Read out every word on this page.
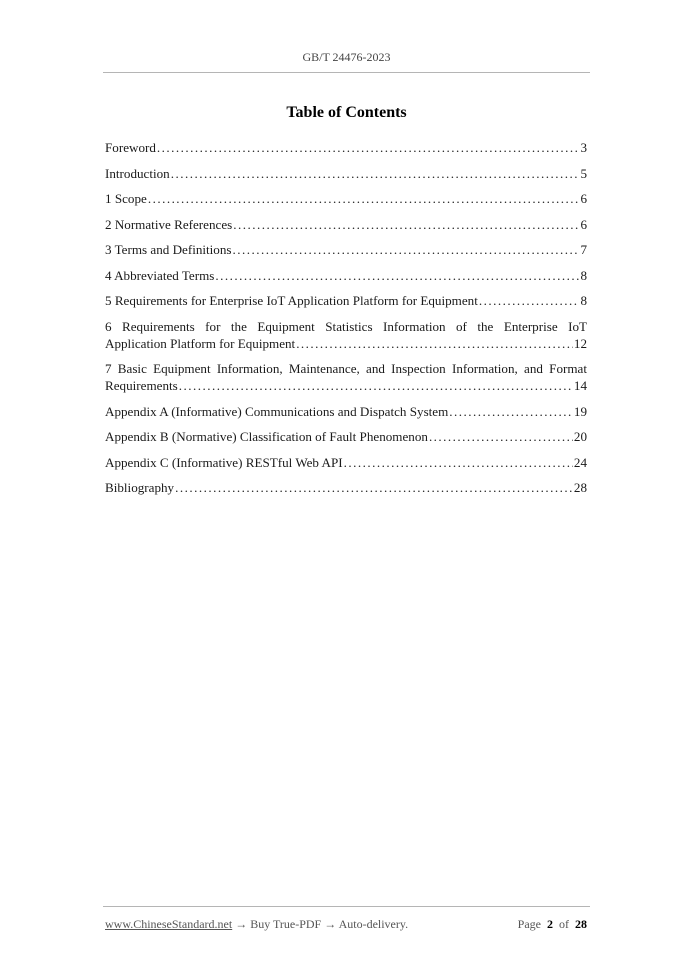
GB/T 24476-2023
Table of Contents
Foreword . . .	3
Introduction . . .	5
1 Scope . . .	6
2 Normative References . . .	6
3 Terms and Definitions . . .	7
4 Abbreviated Terms . . .	8
5 Requirements for Enterprise IoT Application Platform for Equipment . . .	8
6 Requirements for the Equipment Statistics Information of the Enterprise IoT
Application Platform for Equipment . . .	12
7 Basic Equipment Information, Maintenance, and Inspection Information, and Format
Requirements . . .	14
Appendix A (Informative) Communications and Dispatch System . . .	19
Appendix B (Normative) Classification of Fault Phenomenon . . .	20
Appendix C (Informative) RESTful Web API . . .	24
Bibliography . . .	28
www.ChineseStandard.net → Buy True-PDF → Auto-delivery.	Page 2 of 28
